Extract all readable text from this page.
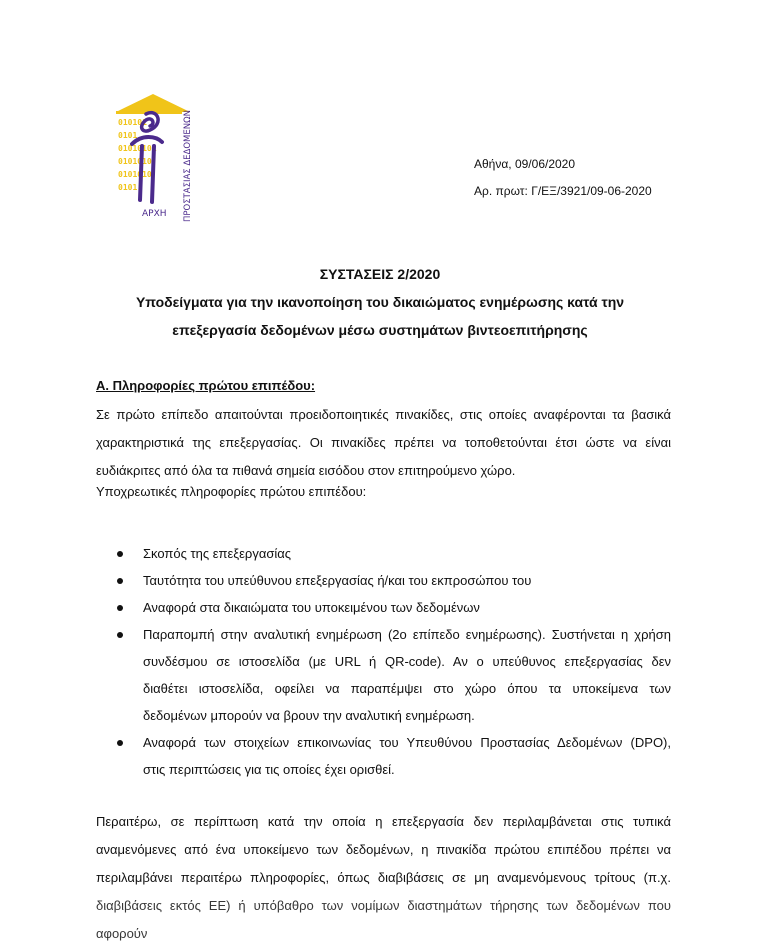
010101
0101
01010101
0101010
0101010
0101
ΑΡΧΗ ΠΡΟΣΤΑΣΙΑΣ ΔΕΔΟΜΕΝΩΝ	Αθήνα, 09/06/2020
Αρ. πρωτ: Γ/ΕΞ/3921/09-06-2020
ΣΥΣΤΑΣΕΙΣ 2/2020
Υποδείγματα για την ικανοποίηση του δικαιώματος ενημέρωσης κατά την
επεξεργασία δεδομένων μέσω συστημάτων βιντεοεπιτήρησης
Α. Πληροφορίες πρώτου επιπέδου:
Σε πρώτο επίπεδο απαιτούνται προειδοποιητικές πινακίδες, στις οποίες αναφέρονται τα βασικά
χαρακτηριστικά της επεξεργασίας. Οι πινακίδες πρέπει να τοποθετούνται έτσι ώστε να είναι
ευδιάκριτες από όλα τα πιθανά σημεία εισόδου στον επιτηρούμενο χώρο.
Υποχρεωτικές πληροφορίες πρώτου επιπέδου:
Σκοπός της επεξεργασίας
Ταυτότητα του υπεύθυνου επεξεργασίας ή/και του εκπροσώπου του
Αναφορά στα δικαιώματα του υποκειμένου των δεδομένων
Παραπομπή στην αναλυτική ενημέρωση (2ο επίπεδο ενημέρωσης). Συστήνεται η χρήση
συνδέσμου σε ιστοσελίδα (με URL ή QR-code). Αν ο υπεύθυνος επεξεργασίας δεν
διαθέτει ιστοσελίδα, οφείλει να παραπέμψει στο χώρο όπου τα υποκείμενα των
δεδομένων μπορούν να βρουν την αναλυτική ενημέρωση.
Αναφορά των στοιχείων επικοινωνίας του Υπευθύνου Προστασίας Δεδομένων (DPO),
στις περιπτώσεις για τις οποίες έχει ορισθεί.
Περαιτέρω, σε περίπτωση κατά την οποία η επεξεργασία δεν περιλαμβάνεται στις τυπικά
αναμενόμενες από ένα υποκείμενο των δεδομένων, η πινακίδα πρώτου επιπέδου πρέπει να
περιλαμβάνει περαιτέρω πληροφορίες, όπως διαβιβάσεις σε μη αναμενόμενους τρίτους (π.χ.
διαβιβάσεις εκτός ΕΕ) ή υπόβαθρο των νομίμων διαστημάτων τήρησης των δεδομένων που αφορούν
